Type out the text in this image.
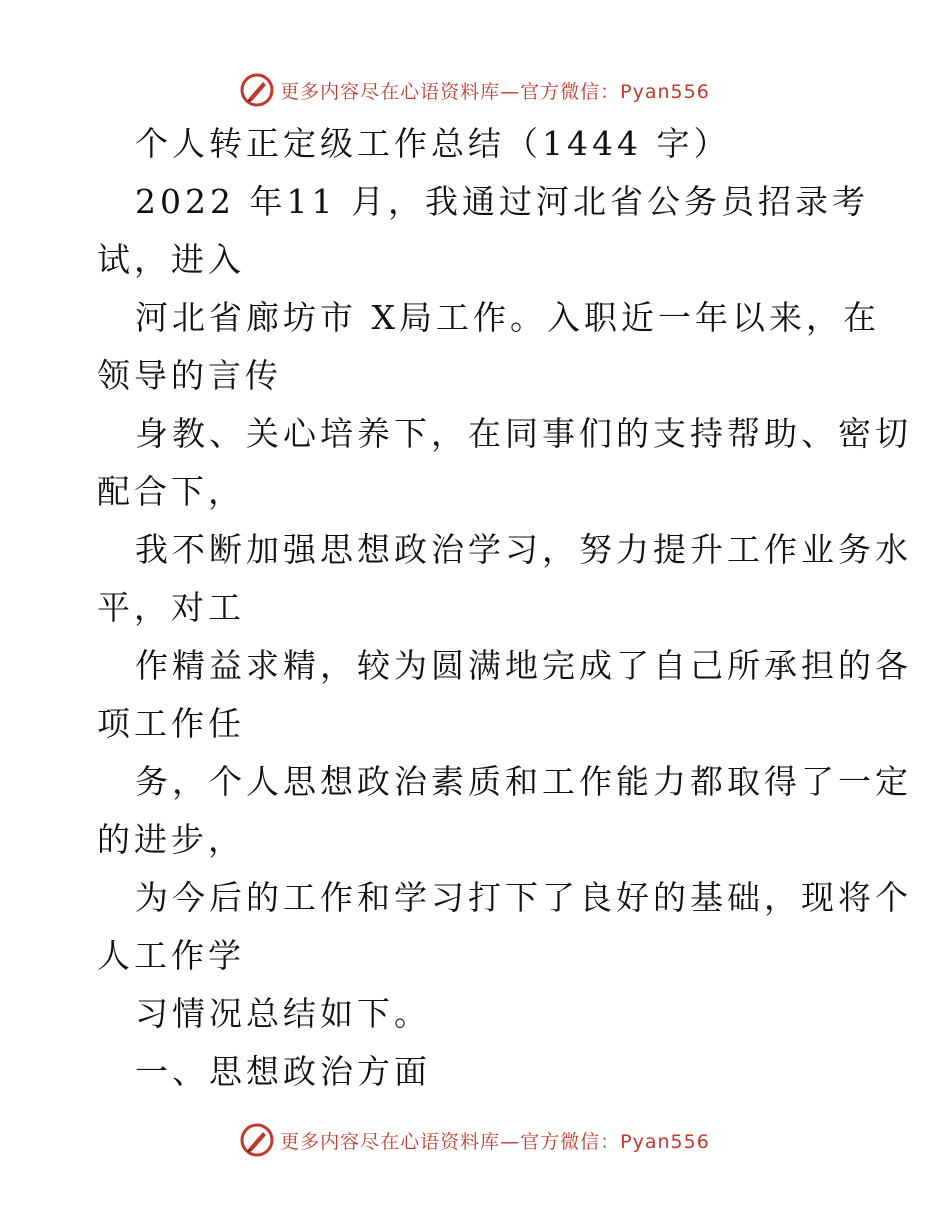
更多内容尽在心语资料库—官方微信：Pyan556
个人转正定级工作总结（1444 字）
2022 年11 月，我通过河北省公务员招录考
试，进入
河北省廊坊市 X局工作。入职近一年以来，在
领导的言传
身教、关心培养下，在同事们的支持帮助、密切
配合下，
我不断加强思想政治学习，努力提升工作业务水
平，对工
作精益求精，较为圆满地完成了自己所承担的各
项工作任
务，个人思想政治素质和工作能力都取得了一定
的进步，
为今后的工作和学习打下了良好的基础，现将个
人工作学
习情况总结如下。
一、思想政治方面
更多内容尽在心语资料库—官方微信：Pyan556
